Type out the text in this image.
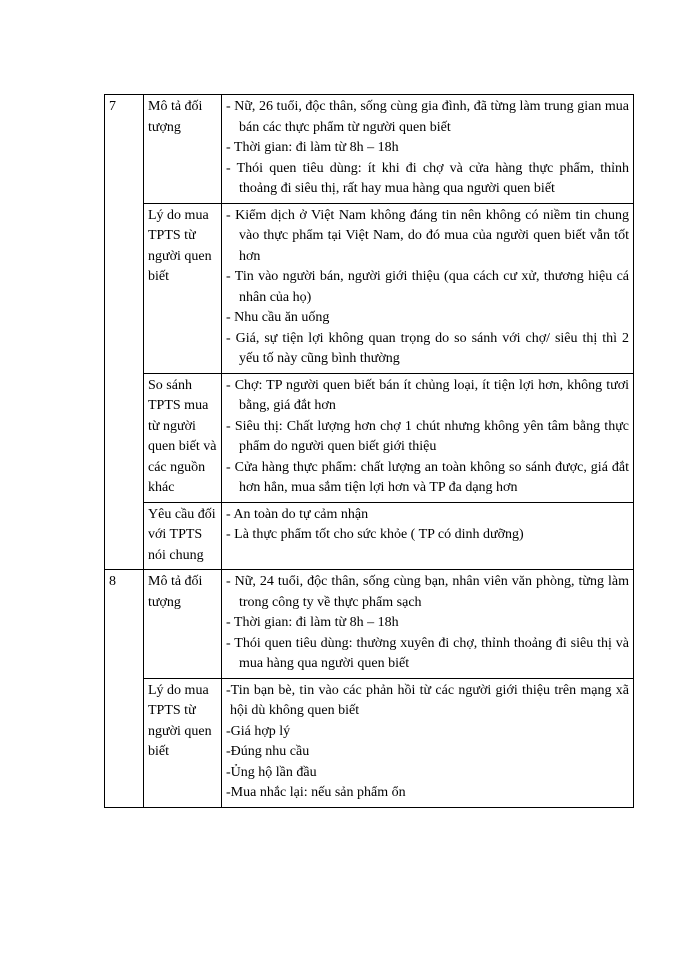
7	Mô tả đối tượng	- Nữ, 26 tuổi, độc thân, sống cùng gia đình, đã từng làm trung gian mua bán các thực phẩm từ người quen biết
- Thời gian: đi làm từ 8h – 18h
- Thói quen tiêu dùng: ít khi đi chợ và cửa hàng thực phẩm, thỉnh thoảng đi siêu thị, rất hay mua hàng qua người quen biết

	Lý do mua TPTS từ người quen biết	- Kiểm dịch ở Việt Nam không đáng tin nên không có niềm tin chung vào thực phẩm tại Việt Nam, do đó mua của người quen biết vẫn tốt hơn
- Tin vào người bán, người giới thiệu (qua cách cư xử, thương hiệu cá nhân của họ)
- Nhu cầu ăn uống
- Giá, sự tiện lợi không quan trọng do so sánh với chợ/ siêu thị thì 2 yếu tố này cũng bình thường

	So sánh TPTS mua từ người quen biết và các nguồn khác	- Chợ: TP người quen biết bán ít chủng loại, ít tiện lợi hơn, không tươi bằng, giá đắt hơn
- Siêu thị: Chất lượng hơn chợ 1 chút nhưng không yên tâm bằng thực phẩm do người quen biết giới thiệu
- Cửa hàng thực phẩm: chất lượng an toàn không so sánh được, giá đắt hơn hẳn, mua sắm tiện lợi hơn và TP đa dạng hơn

	Yêu cầu đối với TPTS nói chung	- An toàn do tự cảm nhận
- Là thực phẩm tốt cho sức khỏe ( TP có dinh dưỡng)

8	Mô tả đối tượng	- Nữ, 24 tuổi, độc thân, sống cùng bạn, nhân viên văn phòng, từng làm trong công ty về thực phẩm sạch
- Thời gian: đi làm từ 8h – 18h
- Thói quen tiêu dùng: thường xuyên đi chợ, thỉnh thoảng đi siêu thị và mua hàng qua người quen biết

	Lý do mua TPTS từ người quen biết	-Tin bạn bè, tin vào các phản hồi từ các người giới thiệu trên mạng xã hội dù không quen biết
-Giá hợp lý
-Đúng nhu cầu
-Ủng hộ lần đầu
-Mua nhắc lại: nếu sản phẩm ổn
